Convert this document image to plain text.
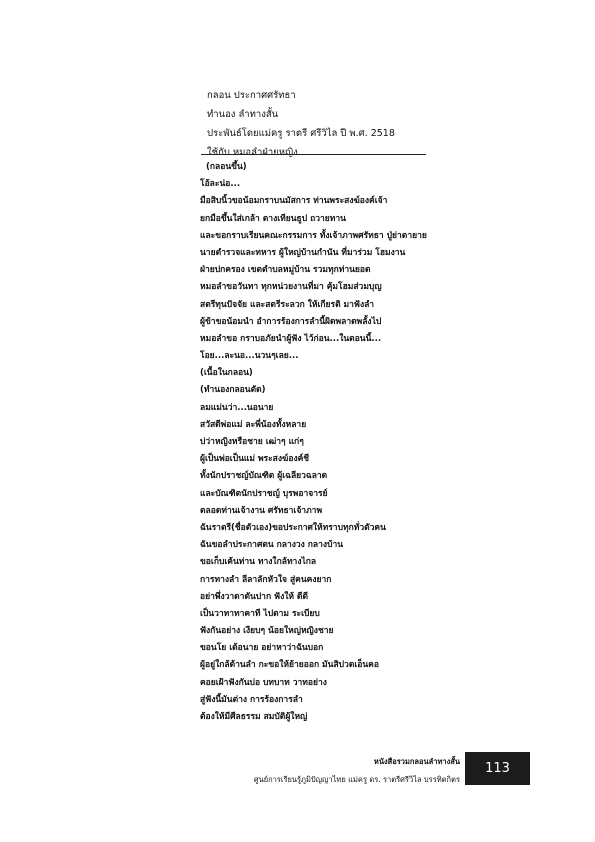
กลอน ประกาศศรัทธา
ทำนอง ลำทางสั้น
ประพันธ์โดยแม่ครู ราตรี ศรีวิไล ปี พ.ศ. 2518
ใช้กับ หมอลำฝ่ายหญิง
(กลอนขึ้น)
โอ้ละน่อ...
มือสิบนิ้วขอน้อมกราบนมัสการ ท่านพระสงฆ์องค์เจ้า
ยกมือขึ้นใส่เกล้า ตางเทียนธูป ถวายทาน
และขอกราบเรียนคณะกรรมการ ทั้งเจ้าภาพศรัทธา ปู่ย่าตายาย
นายตำรวจและทหาร ผู้ใหญ่บ้านกำนัน ที่มาร่วม โฮมงาน
ฝ่ายปกครอง เขตตำบลหมู่บ้าน รวมทุกท่านยอด
หมอลำขอวันทา ทุกหน่วยงานที่มา คุ้มโฮมส่วมบุญ
สตรีทุนปัจจัย และสตรีระลวก ให้เกียรติ มาฟังลำ
ผู้ข้าขอน้อมนำ อำการร้องการลำนี้ผิดพลาดพลั้งไป
หมอลำขอ กราบอภัยนำผู้ฟัง ไว้ก่อน...ในตอนนี้...
โอย...ละนอ...นวนๆเลย...
(เนื้อในกลอน)
(ทำนองกลอนตัด)
ลมแม่นว่า...นอนาย
สวัสดีพ่อแม่ ละพี่น้องทั้งหลาย
บ่ว่าหญิงหรือชาย เฒ่าๆ แก่ๆ
ผู้เป็นพ่อเป็นแม่ พระสงฆ์องค์ชี
ทั้งนักปราชญ์บัณฑิต ผู้เฉลียวฉลาด
และบัณฑิตนักปราชญ์ บุรพอาจารย์
ตลอดท่านเจ้างาน ศรัทธาเจ้าภาพ
ฉันราตรี(ชื่อตัวเอง)ขอประกาศให้ทราบทุกทั่วตัวคน
ฉันขอลำประกาศตน กลางวง กลางบ้าน
ขอเก็บเค้นท่าน ทางใกล้ทางไกล
การทางลำ ลีลาลักหัวใจ สู่คนคงยาก
อย่าพึ่งวาดาดันปาก ฟังให้ ดีดี
เป็นวาทาทาคาที ไปตาม ระเบียบ
ฟังกันอย่าง เงียบๆ น้อยใหญ่หญิงชาย
ขอนโย เด้อนาย อย่าหาว่าฉันบอก
ผู้อยู่ใกล้ด้านลำ กะขอให้ย้ายออก มันสิปวดเอ็นคอ
คอยเฝ้าฟังกันบ่อ บทบาท วาทอย่าง
สู่ฟังนี้มันต่าง การร้องการลำ
ต้องให้มีศีลธรรม สมบัติผู้ใหญ่
หนังสือรวมกลอนลำทางสั้น
ศูนย์การเรียนรู้ภูมิปัญญาไทย แม่ครู ดร. ราตรีศรีวิไล บรรทิตกิตร
113
